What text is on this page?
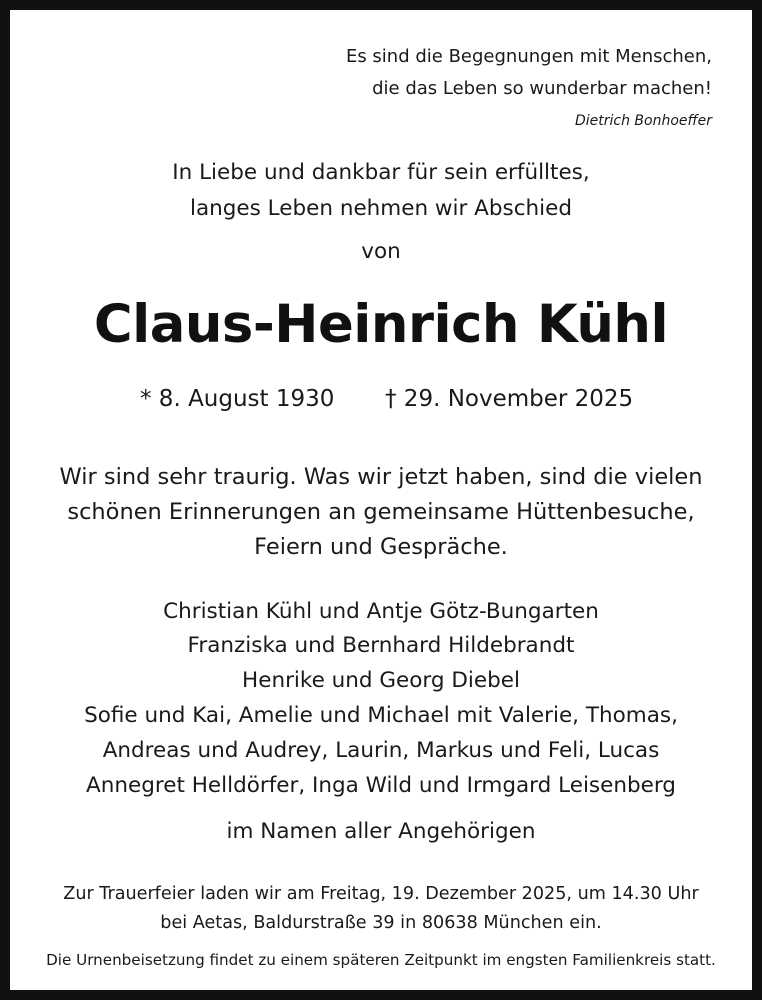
Es sind die Begegnungen mit Menschen,
die das Leben so wunderbar machen!
Dietrich Bonhoeffer
In Liebe und dankbar für sein erfülltes,
langes Leben nehmen wir Abschied
von
Claus-Heinrich Kühl
* 8. August 1930 † 29. November 2025
Wir sind sehr traurig. Was wir jetzt haben, sind die vielen
schönen Erinnerungen an gemeinsame Hüttenbesuche,
Feiern und Gespräche.
Christian Kühl und Antje Götz-Bungarten
Franziska und Bernhard Hildebrandt
Henrike und Georg Diebel
Sofie und Kai, Amelie und Michael mit Valerie, Thomas,
Andreas und Audrey, Laurin, Markus und Feli, Lucas
Annegret Helldörfer, Inga Wild und Irmgard Leisenberg
im Namen aller Angehörigen
Zur Trauerfeier laden wir am Freitag, 19. Dezember 2025, um 14.30 Uhr
bei Aetas, Baldurstraße 39 in 80638 München ein.
Die Urnenbeisetzung findet zu einem späteren Zeitpunkt im engsten Familienkreis statt.
